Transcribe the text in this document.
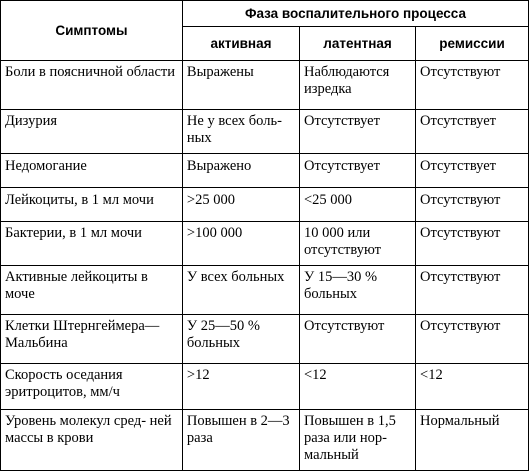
Симптомы	Фаза воспалительного процесса		
	активная	латентная	ремиссии

Боли в поясничной области	Выражены	Наблюдаются изредка	Отсутствуют

Дизурия	Не у всех боль- ных	Отсутствует	Отсутствует

Недомогание	Выражено	Отсутствует	Отсутствует

Лейкоциты, в 1 мл мочи	>25 000	<25 000	Отсутствуют

Бактерии, в 1 мл мочи	>100 000	10 000 или отсутствуют	Отсутствуют

Активные лейкоциты в моче	У всех больных	У 15—30 % больных	Отсутствуют

Клетки Штернгеймера— Мальбина	У 25—50 % больных	Отсутствуют	Отсутствуют

Скорость оседания эритроцитов, мм/ч	>12	<12	<12

Уровень молекул сред- ней массы в крови	Повышен в 2—3 раза	Повышен в 1,5 раза или нор- мальный	Нормальный
